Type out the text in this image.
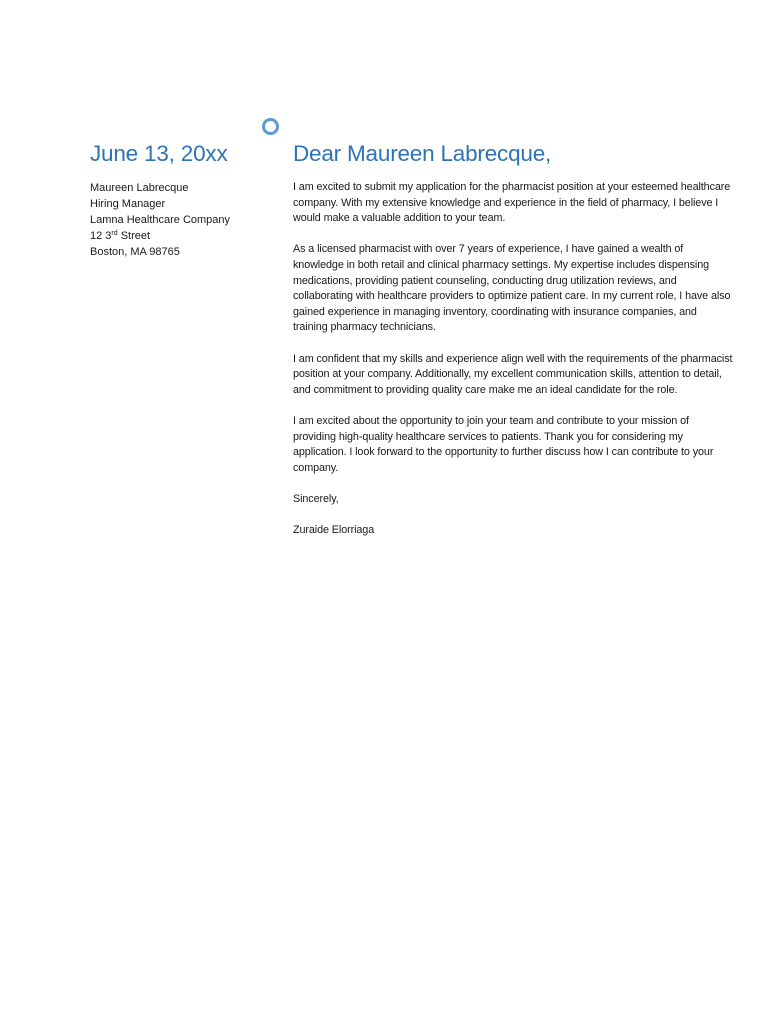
June 13, 20xx	Dear Maureen Labrecque,
Maureen Labrecque
Hiring Manager
Lamna Healthcare Company
12 3rd Street
Boston, MA 98765

I am excited to submit my application for the pharmacist position at your esteemed healthcare company. With my extensive knowledge and experience in the field of pharmacy, I believe I would make a valuable addition to your team.

As a licensed pharmacist with over 7 years of experience, I have gained a wealth of knowledge in both retail and clinical pharmacy settings. My expertise includes dispensing medications, providing patient counseling, conducting drug utilization reviews, and collaborating with healthcare providers to optimize patient care. In my current role, I have also gained experience in managing inventory, coordinating with insurance companies, and training pharmacy technicians.

I am confident that my skills and experience align well with the requirements of the pharmacist position at your company. Additionally, my excellent communication skills, attention to detail, and commitment to providing quality care make me an ideal candidate for the role.

I am excited about the opportunity to join your team and contribute to your mission of providing high-quality healthcare services to patients. Thank you for considering my application. I look forward to the opportunity to further discuss how I can contribute to your company.

Sincerely,

Zuraide Elorriaga
